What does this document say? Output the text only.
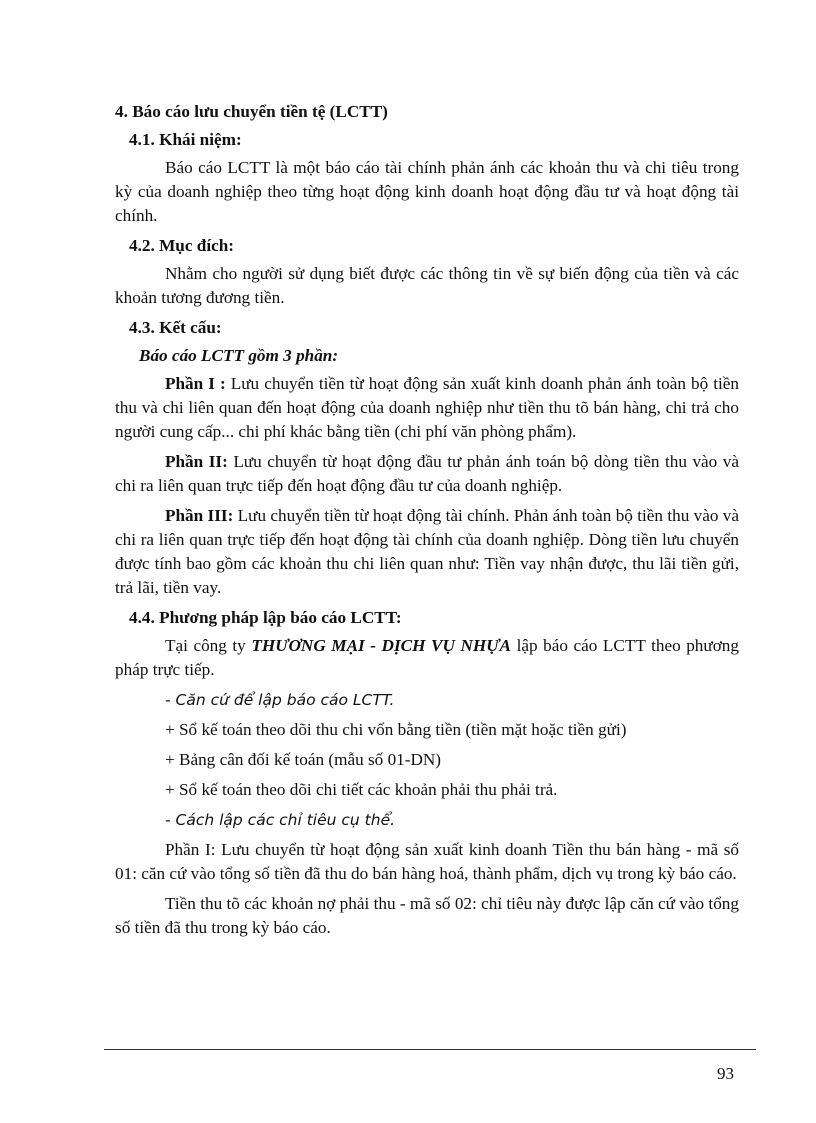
4. Báo cáo lưu chuyển tiền tệ (LCTT)
4.1. Khái niệm:
Báo cáo LCTT là một báo cáo tài chính phản ánh các khoản thu và chi tiêu trong kỳ của doanh nghiệp theo từng hoạt động kinh doanh hoạt động đầu tư và hoạt động tài chính.
4.2. Mục đích:
Nhằm cho người sử dụng biết được các thông tin về sự biến động của tiền và các khoản tương đương tiền.
4.3. Kết cấu:
Báo cáo LCTT gồm 3 phần:
Phần I : Lưu chuyển tiền từ hoạt động sản xuất kinh doanh phản ánh toàn bộ tiền thu và chi liên quan đến hoạt động của doanh nghiệp như tiền thu tõ bán hàng, chi trả cho người cung cấp... chi phí khác bằng tiền (chi phí văn phòng phẩm).
Phần II: Lưu chuyển từ hoạt động đầu tư phản ánh toán bộ dòng tiền thu vào và chi ra liên quan trực tiếp đến hoạt động đầu tư của doanh nghiệp.
Phần III: Lưu chuyển tiền từ hoạt động tài chính. Phản ánh toàn bộ tiền thu vào và chi ra liên quan trực tiếp đến hoạt động tài chính của doanh nghiệp. Dòng tiền lưu chuyển được tính bao gồm các khoản thu chi liên quan như: Tiền vay nhận được, thu lãi tiền gửi, trả lãi, tiền vay.
4.4. Phương pháp lập báo cáo LCTT:
Tại công ty THƯƠNG MẠI - DỊCH VỤ NHỰA lập báo cáo LCTT theo phương pháp trực tiếp.
- Căn cứ để lập báo cáo LCTT.
+ Sổ kế toán theo dõi thu chi vốn bằng tiền (tiền mặt hoặc tiền gửi)
+ Bảng cân đối kế toán (mẫu số 01-DN)
+ Sổ kế toán theo dõi chi tiết các khoản phải thu phải trả.
- Cách lập các chỉ tiêu cụ thể.
Phần I: Lưu chuyển từ hoạt động sản xuất kinh doanh Tiền thu bán hàng - mã số 01: căn cứ vào tổng số tiền đã thu do bán hàng hoá, thành phẩm, dịch vụ trong kỳ báo cáo.
Tiền thu tõ các khoản nợ phải thu - mã số 02: chỉ tiêu này được lập căn cứ vào tổng số tiền đã thu trong kỳ báo cáo.
93
